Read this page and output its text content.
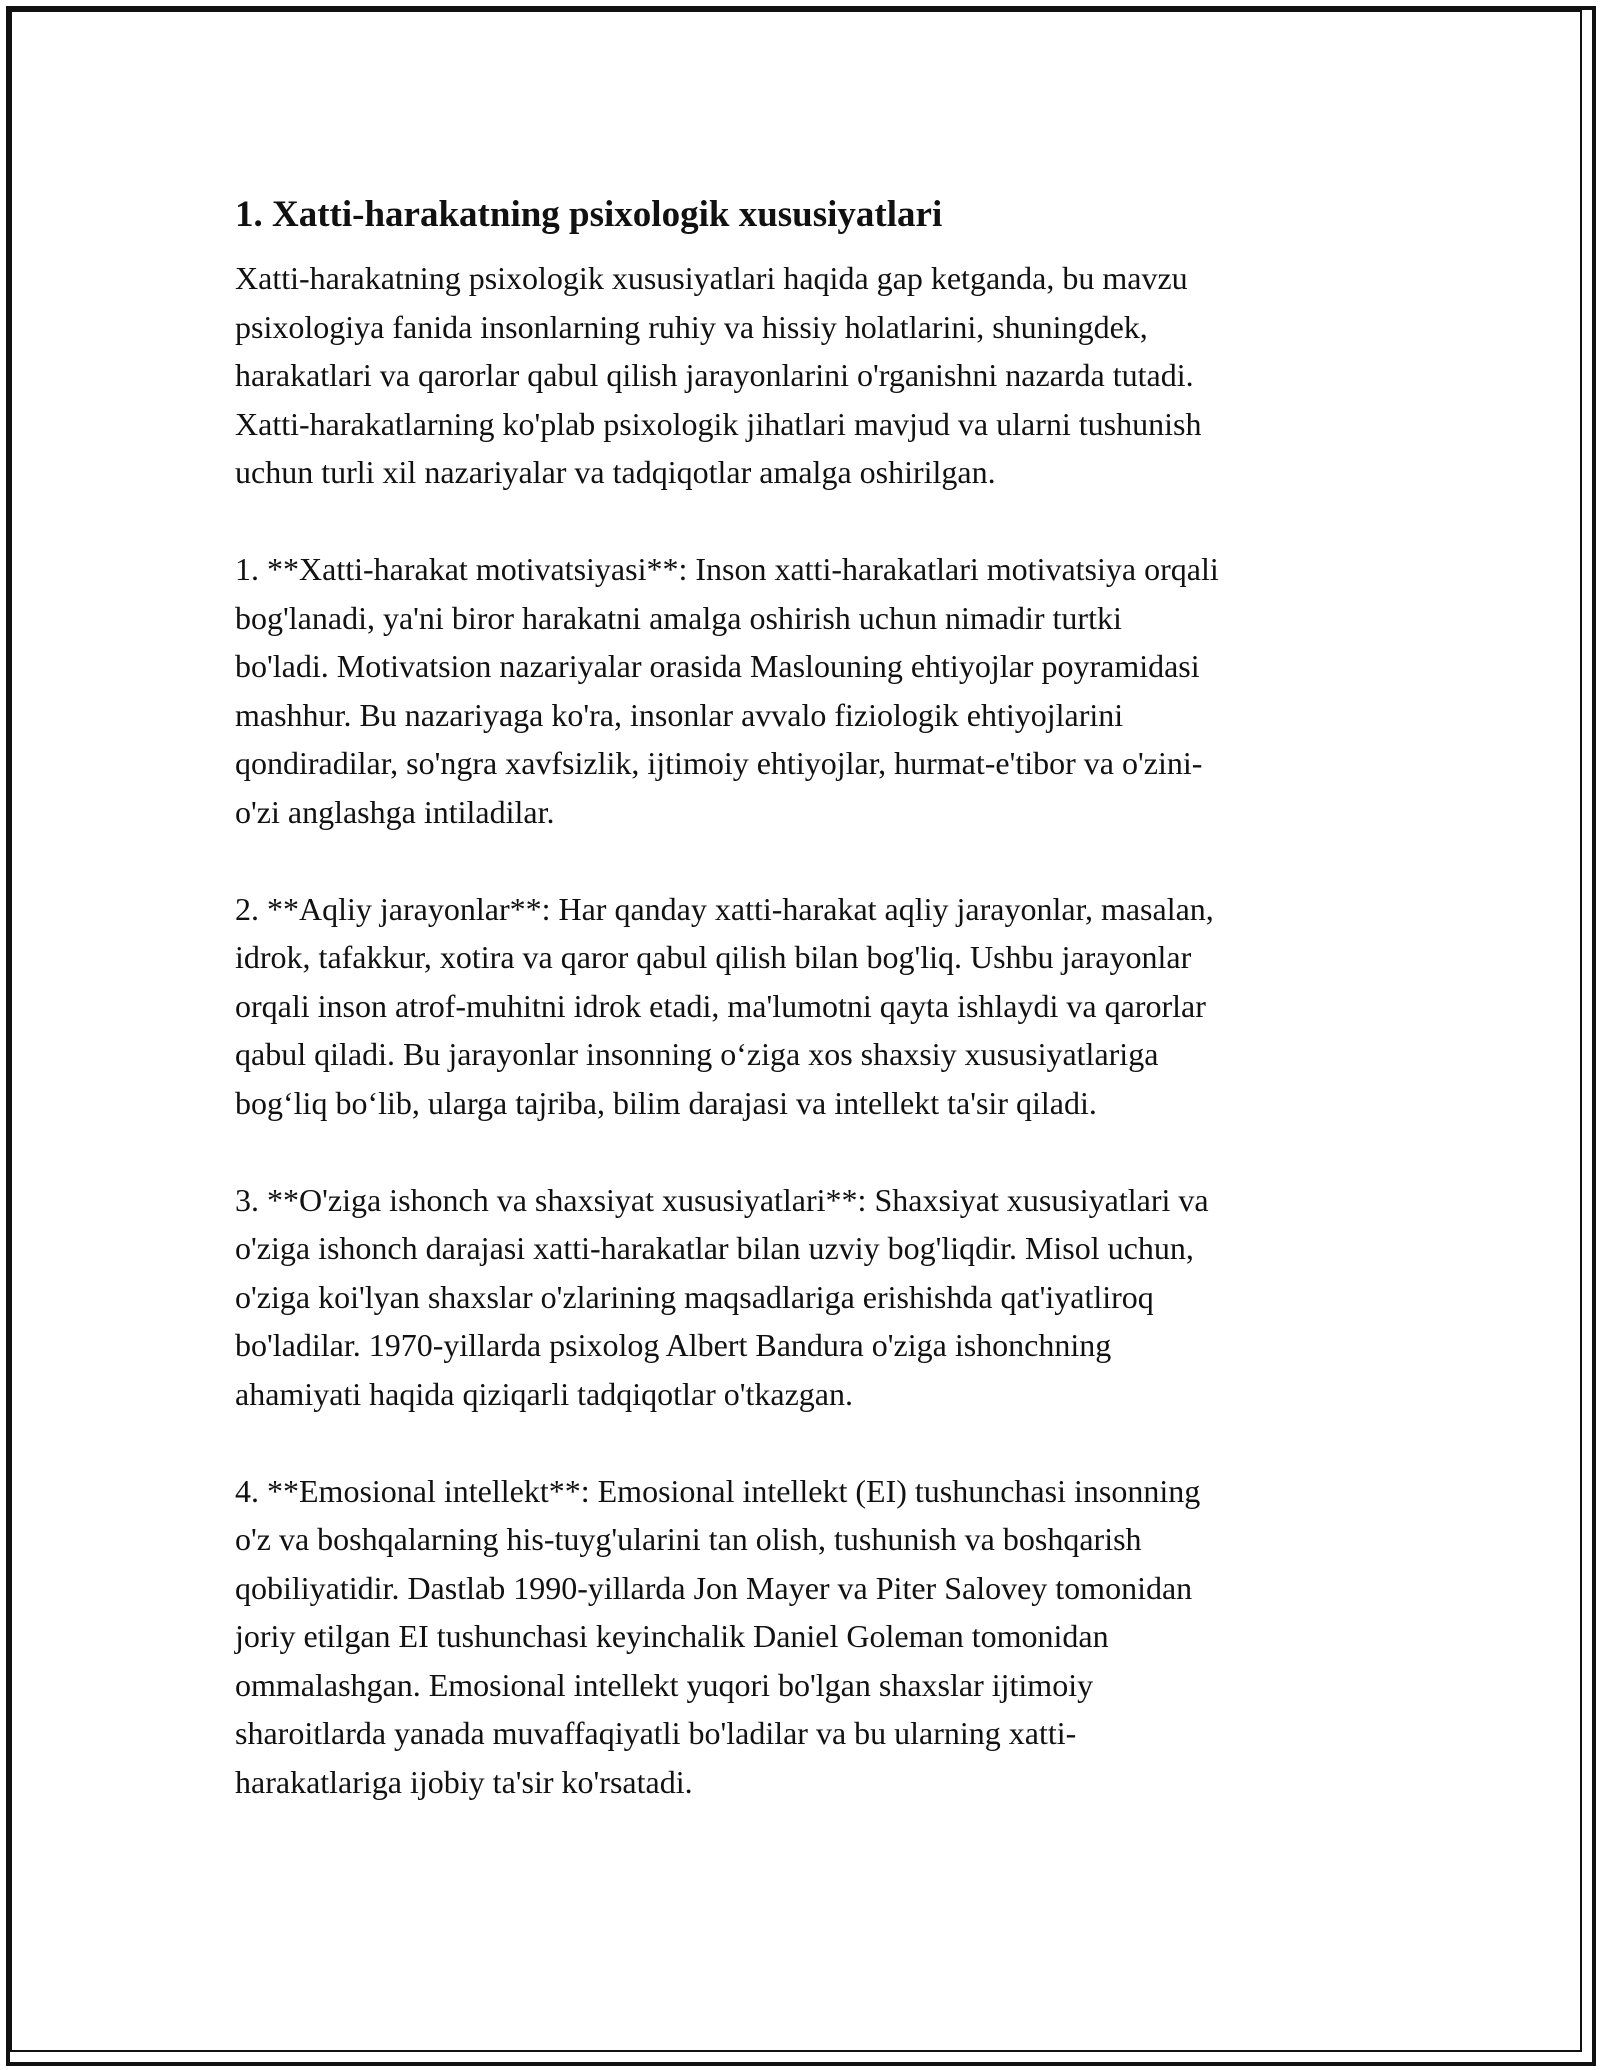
1. Xatti-harakatning psixologik xususiyatlari
Xatti-harakatning psixologik xususiyatlari haqida gap ketganda, bu mavzu
psixologiya fanida insonlarning ruhiy va hissiy holatlarini, shuningdek,
harakatlari va qarorlar qabul qilish jarayonlarini o'rganishni nazarda tutadi.
Xatti-harakatlarning ko'plab psixologik jihatlari mavjud va ularni tushunish
uchun turli xil nazariyalar va tadqiqotlar amalga oshirilgan.
1. **Xatti-harakat motivatsiyasi**: Inson xatti-harakatlari motivatsiya orqali
bog'lanadi, ya'ni biror harakatni amalga oshirish uchun nimadir turtki
bo'ladi. Motivatsion nazariyalar orasida Maslouning ehtiyojlar poyramidasi
mashhur. Bu nazariyaga ko'ra, insonlar avvalo fiziologik ehtiyojlarini
qondiradilar, so'ngra xavfsizlik, ijtimoiy ehtiyojlar, hurmat-e'tibor va o'zini-
o'zi anglashga intiladilar.
2. **Aqliy jarayonlar**: Har qanday xatti-harakat aqliy jarayonlar, masalan,
idrok, tafakkur, xotira va qaror qabul qilish bilan bog'liq. Ushbu jarayonlar
orqali inson atrof-muhitni idrok etadi, ma'lumotni qayta ishlaydi va qarorlar
qabul qiladi. Bu jarayonlar insonning oʻziga xos shaxsiy xususiyatlariga
bogʻliq boʻlib, ularga tajriba, bilim darajasi va intellekt ta'sir qiladi.
3. **O'ziga ishonch va shaxsiyat xususiyatlari**: Shaxsiyat xususiyatlari va
o'ziga ishonch darajasi xatti-harakatlar bilan uzviy bog'liqdir. Misol uchun,
o'ziga koi'lyan shaxslar o'zlarining maqsadlariga erishishda qat'iyatliroq
bo'ladilar. 1970-yillarda psixolog Albert Bandura o'ziga ishonchning
ahamiyati haqida qiziqarli tadqiqotlar o'tkazgan.
4. **Emosional intellekt**: Emosional intellekt (EI) tushunchasi insonning
o'z va boshqalarning his-tuyg'ularini tan olish, tushunish va boshqarish
qobiliyatidir. Dastlab 1990-yillarda Jon Mayer va Piter Salovey tomonidan
joriy etilgan EI tushunchasi keyinchalik Daniel Goleman tomonidan
ommalashgan. Emosional intellekt yuqori bo'lgan shaxslar ijtimoiy
sharoitlarda yanada muvaffaqiyatli bo'ladilar va bu ularning xatti-
harakatlariga ijobiy ta'sir ko'rsatadi.
